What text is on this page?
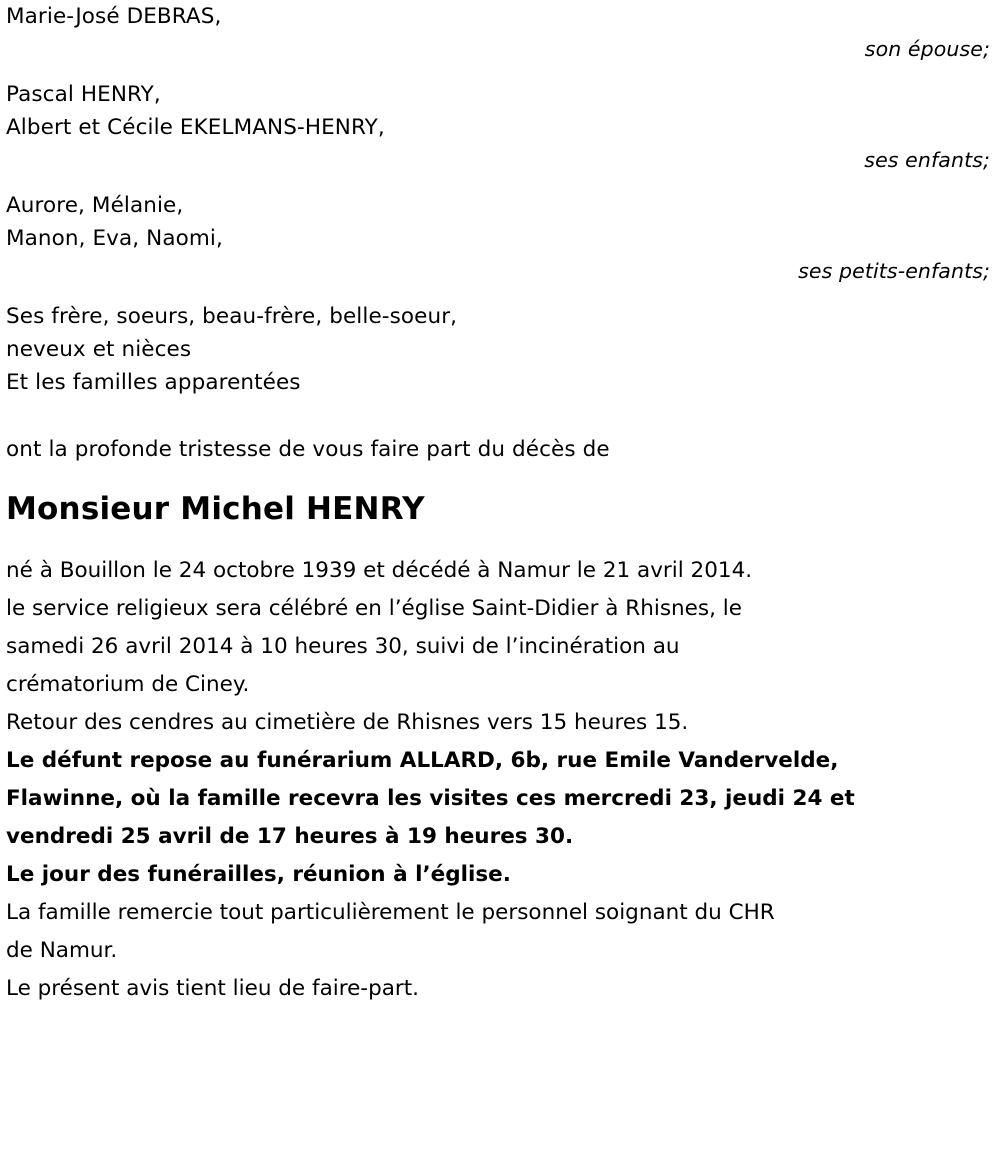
Marie-José DEBRAS,
son épouse;
Pascal HENRY,
Albert et Cécile EKELMANS-HENRY,
ses enfants;
Aurore, Mélanie,
Manon, Eva, Naomi,
ses petits-enfants;
Ses frère, soeurs, beau-frère, belle-soeur,
neveux et nièces
Et les familles apparentées
ont la profonde tristesse de vous faire part du décès de
Monsieur Michel HENRY
né à Bouillon le 24 octobre 1939 et décédé à Namur le 21 avril 2014.
le service religieux sera célébré en l’église Saint-Didier à Rhisnes, le
samedi 26 avril 2014 à 10 heures 30, suivi de l’incinération au
crématorium de Ciney.
Retour des cendres au cimetière de Rhisnes vers 15 heures 15.
Le défunt repose au funérarium ALLARD, 6b, rue Emile Vandervelde,
Flawinne, où la famille recevra les visites ces mercredi 23, jeudi 24 et
vendredi 25 avril de 17 heures à 19 heures 30.
Le jour des funérailles, réunion à l’église.
La famille remercie tout particulièrement le personnel soignant du CHR
de Namur.
Le présent avis tient lieu de faire-part.
